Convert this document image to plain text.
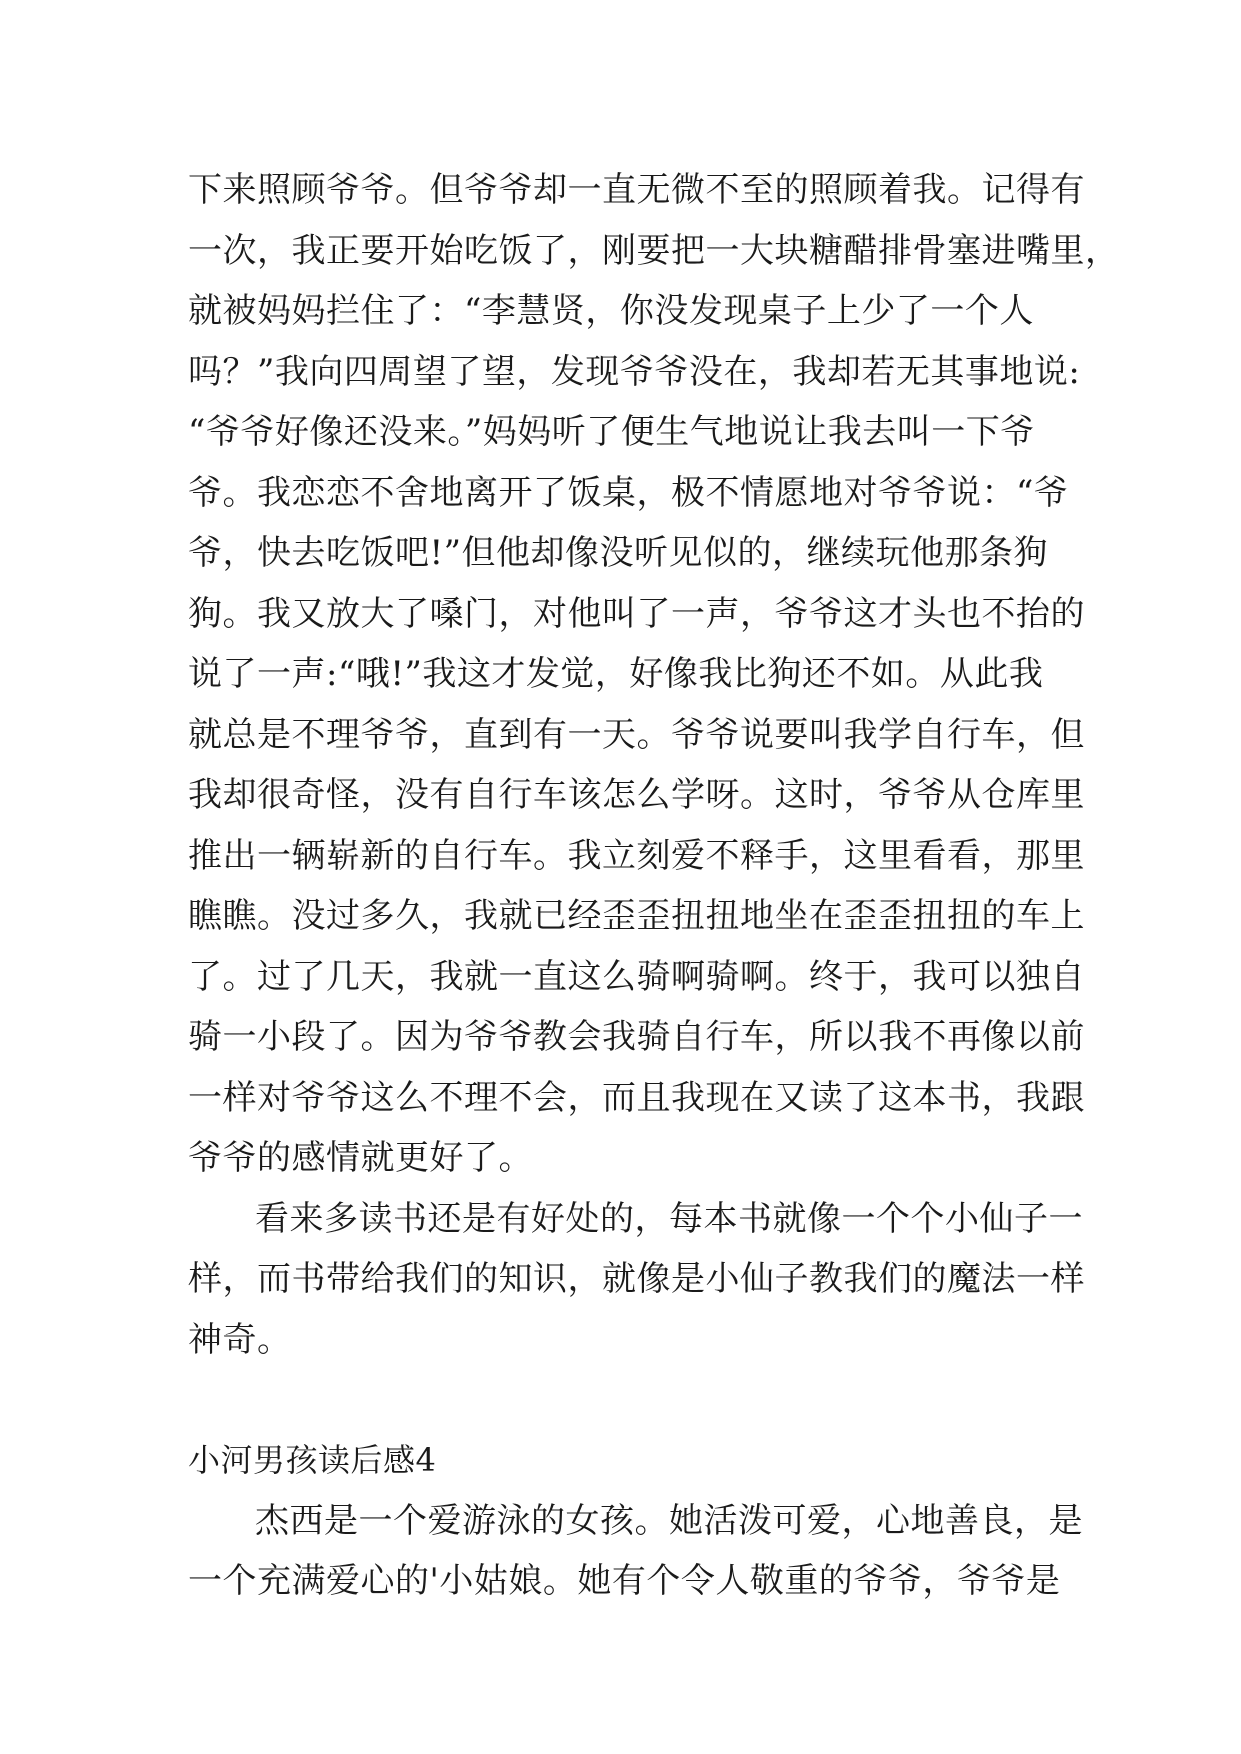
下来照顾爷爷。但爷爷却一直无微不至的照顾着我。记得有
一次，我正要开始吃饭了，刚要把一大块糖醋排骨塞进嘴里，
就被妈妈拦住了：“李慧贤，你没发现桌子上少了一个人
吗？”我向四周望了望，发现爷爷没在，我却若无其事地说:
“爷爷好像还没来。”妈妈听了便生气地说让我去叫一下爷
爷。我恋恋不舍地离开了饭桌，极不情愿地对爷爷说：“爷
爷，快去吃饭吧!”但他却像没听见似的，继续玩他那条狗
狗。我又放大了嗓门，对他叫了一声，爷爷这才头也不抬的
说了一声:“哦!”我这才发觉，好像我比狗还不如。从此我
就总是不理爷爷，直到有一天。爷爷说要叫我学自行车，但
我却很奇怪，没有自行车该怎么学呀。这时，爷爷从仓库里
推出一辆崭新的自行车。我立刻爱不释手，这里看看，那里
瞧瞧。没过多久，我就已经歪歪扭扭地坐在歪歪扭扭的车上
了。过了几天，我就一直这么骑啊骑啊。终于，我可以独自
骑一小段了。因为爷爷教会我骑自行车，所以我不再像以前
一样对爷爷这么不理不会，而且我现在又读了这本书，我跟
爷爷的感情就更好了。
看来多读书还是有好处的，每本书就像一个个小仙子一
样，而书带给我们的知识，就像是小仙子教我们的魔法一样
神奇。
小河男孩读后感4
杰西是一个爱游泳的女孩。她活泼可爱，心地善良，是
一个充满爱心的'小姑娘。她有个令人敬重的爷爷，爷爷是
